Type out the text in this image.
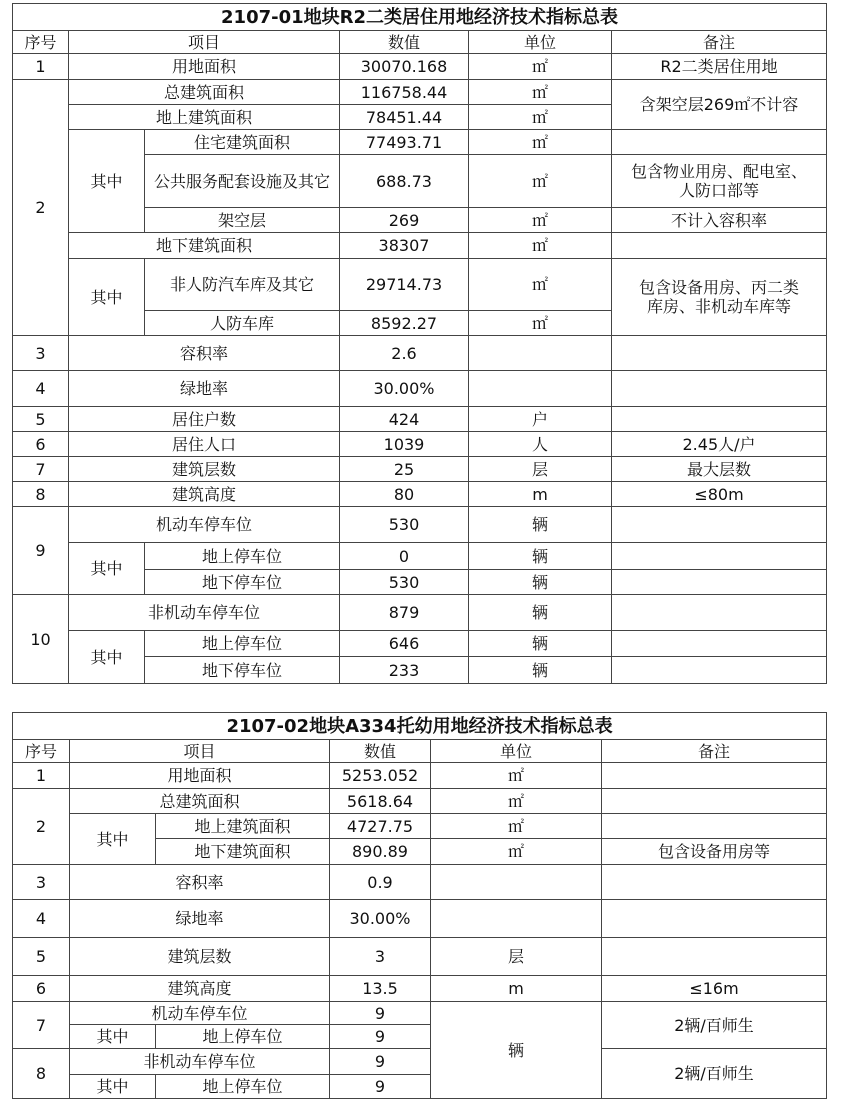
2107-01地块R2二类居住用地经济技术指标总表					
序号	项目		数值	单位	备注
1	用地面积		30070.168	㎡	R2二类居住用地
2	总建筑面积		116758.44	㎡	含架空层269㎡不计容
	地上建筑面积		78451.44	㎡	
	其中	住宅建筑面积	77493.71	㎡	
		公共服务配套设施及其它	688.73	㎡	包含物业用房、配电室、
人防口部等

		架空层	269	㎡	不计入容积率
	地下建筑面积		38307	㎡	
	其中	非人防汽车库及其它	29714.73	㎡	包含设备用房、丙二类
库房、非机动车库等

		人防车库	8592.27	㎡	
3	容积率		2.6		
4	绿地率		30.00%		
5	居住户数		424	户	
6	居住人口		1039	人	2.45人/户
7	建筑层数		25	层	最大层数
8	建筑高度		80	m	≤80m
9	机动车停车位		530	辆	
	其中	地上停车位	0	辆	
		地下停车位	530	辆	
10	非机动车停车位		879	辆	
	其中	地上停车位	646	辆	
		地下停车位	233	辆	
2107-02地块A334托幼用地经济技术指标总表					
序号	项目		数值	单位	备注
1	用地面积		5253.052	㎡	
2	总建筑面积		5618.64	㎡	
	其中	地上建筑面积	4727.75	㎡	
		地下建筑面积	890.89	㎡	包含设备用房等
3	容积率		0.9		
4	绿地率		30.00%		
5	建筑层数		3	层	
6	建筑高度		13.5	m	≤16m
7	机动车停车位		9	辆	2辆/百师生
	其中	地上停车位	9		
8	非机动车停车位		9		2辆/百师生
	其中	地上停车位	9		
